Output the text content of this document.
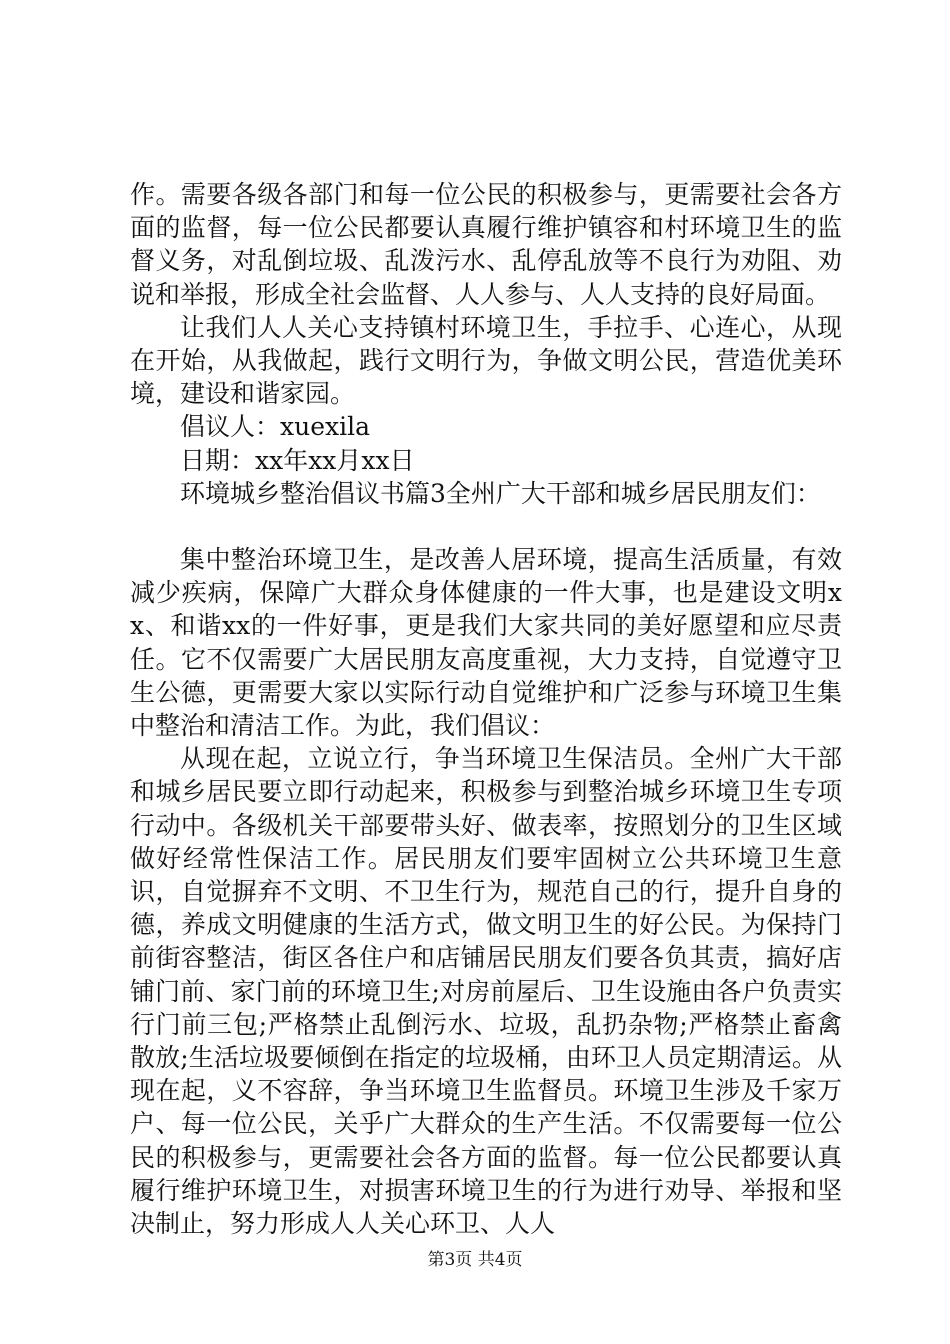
作。需要各级各部门和每一位公民的积极参与，更需要社会各方面的监督，每一位公民都要认真履行维护镇容和村环境卫生的监督义务，对乱倒垃圾、乱泼污水、乱停乱放等不良行为劝阻、劝说和举报，形成全社会监督、人人参与、人人支持的良好局面。

让我们人人关心支持镇村环境卫生，手拉手、心连心，从现在开始，从我做起，践行文明行为，争做文明公民，营造优美环境，建设和谐家园。

倡议人：xuexila

日期：xx年xx月xx日

环境城乡整治倡议书篇3全州广大干部和城乡居民朋友们：

集中整治环境卫生，是改善人居环境，提高生活质量，有效减少疾病，保障广大群众身体健康的一件大事，也是建设文明xx、和谐xx的一件好事，更是我们大家共同的美好愿望和应尽责任。它不仅需要广大居民朋友高度重视，大力支持，自觉遵守卫生公德，更需要大家以实际行动自觉维护和广泛参与环境卫生集中整治和清洁工作。为此，我们倡议：

从现在起，立说立行，争当环境卫生保洁员。全州广大干部和城乡居民要立即行动起来，积极参与到整治城乡环境卫生专项行动中。各级机关干部要带头好、做表率，按照划分的卫生区域做好经常性保洁工作。居民朋友们要牢固树立公共环境卫生意识，自觉摒弃不文明、不卫生行为，规范自己的行，提升自身的德，养成文明健康的生活方式，做文明卫生的好公民。为保持门前街容整洁，街区各住户和店铺居民朋友们要各负其责，搞好店铺门前、家门前的环境卫生;对房前屋后、卫生设施由各户负责实行门前三包;严格禁止乱倒污水、垃圾，乱扔杂物;严格禁止畜禽散放;生活垃圾要倾倒在指定的垃圾桶，由环卫人员定期清运。从现在起，义不容辞，争当环境卫生监督员。环境卫生涉及千家万户、每一位公民，关乎广大群众的生产生活。不仅需要每一位公民的积极参与，更需要社会各方面的监督。每一位公民都要认真履行维护环境卫生，对损害环境卫生的行为进行劝导、举报和坚决制止，努力形成人人关心环卫、人人

第3页 共4页
